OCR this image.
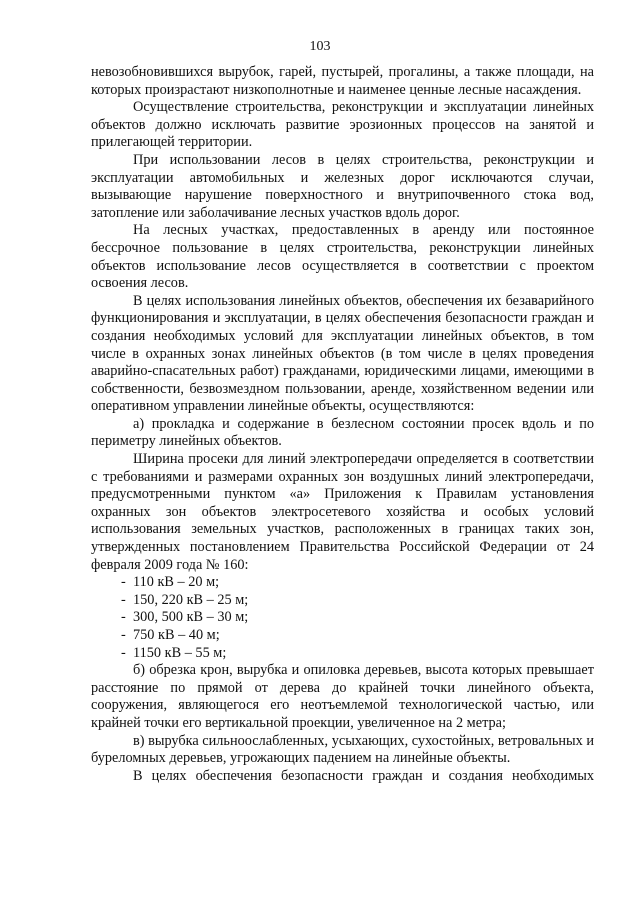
103

невозобновившихся вырубок, гарей, пустырей, прогалины, а также площади, на которых произрастают низкополнотные и наименее ценные лесные насаждения.

Осуществление строительства, реконструкции и эксплуатации линейных объектов должно исключать развитие эрозионных процессов на занятой и прилегающей территории.

При использовании лесов в целях строительства, реконструкции и эксплуатации автомобильных и железных дорог исключаются случаи, вызывающие нарушение поверхностного и внутрипочвенного стока вод, затопление или заболачивание лесных участков вдоль дорог.

На лесных участках, предоставленных в аренду или постоянное бессрочное пользование в целях строительства, реконструкции линейных объектов использование лесов осуществляется в соответствии с проектом освоения лесов.

В целях использования линейных объектов, обеспечения их безаварийного функционирования и эксплуатации, в целях обеспечения безопасности граждан и создания необходимых условий для эксплуатации линейных объектов, в том числе в охранных зонах линейных объектов (в том числе в целях проведения аварийно-спасательных работ) гражданами, юридическими лицами, имеющими в собственности, безвозмездном пользовании, аренде, хозяйственном ведении или оперативном управлении линейные объекты, осуществляются:

а) прокладка и содержание в безлесном состоянии просек вдоль и по периметру линейных объектов.

Ширина просеки для линий электропередачи определяется в соответствии с требованиями и размерами охранных зон воздушных линий электропередачи, предусмотренными пунктом «а» Приложения к Правилам установления охранных зон объектов электросетевого хозяйства и особых условий использования земельных участков, расположенных в границах таких зон, утвержденных постановлением Правительства Российской Федерации от 24 февраля 2009 года № 160:

- 110 кВ – 20 м;
- 150, 220 кВ – 25 м;
- 300, 500 кВ – 30 м;
- 750 кВ – 40 м;
- 1150 кВ – 55 м;

б) обрезка крон, вырубка и опиловка деревьев, высота которых превышает расстояние по прямой от дерева до крайней точки линейного объекта, сооружения, являющегося его неотъемлемой технологической частью, или крайней точки его вертикальной проекции, увеличенное на 2 метра;

в) вырубка сильноослабленных, усыхающих, сухостойных, ветровальных и буреломных деревьев, угрожающих падением на линейные объекты.

В целях обеспечения безопасности граждан и создания необходимых
